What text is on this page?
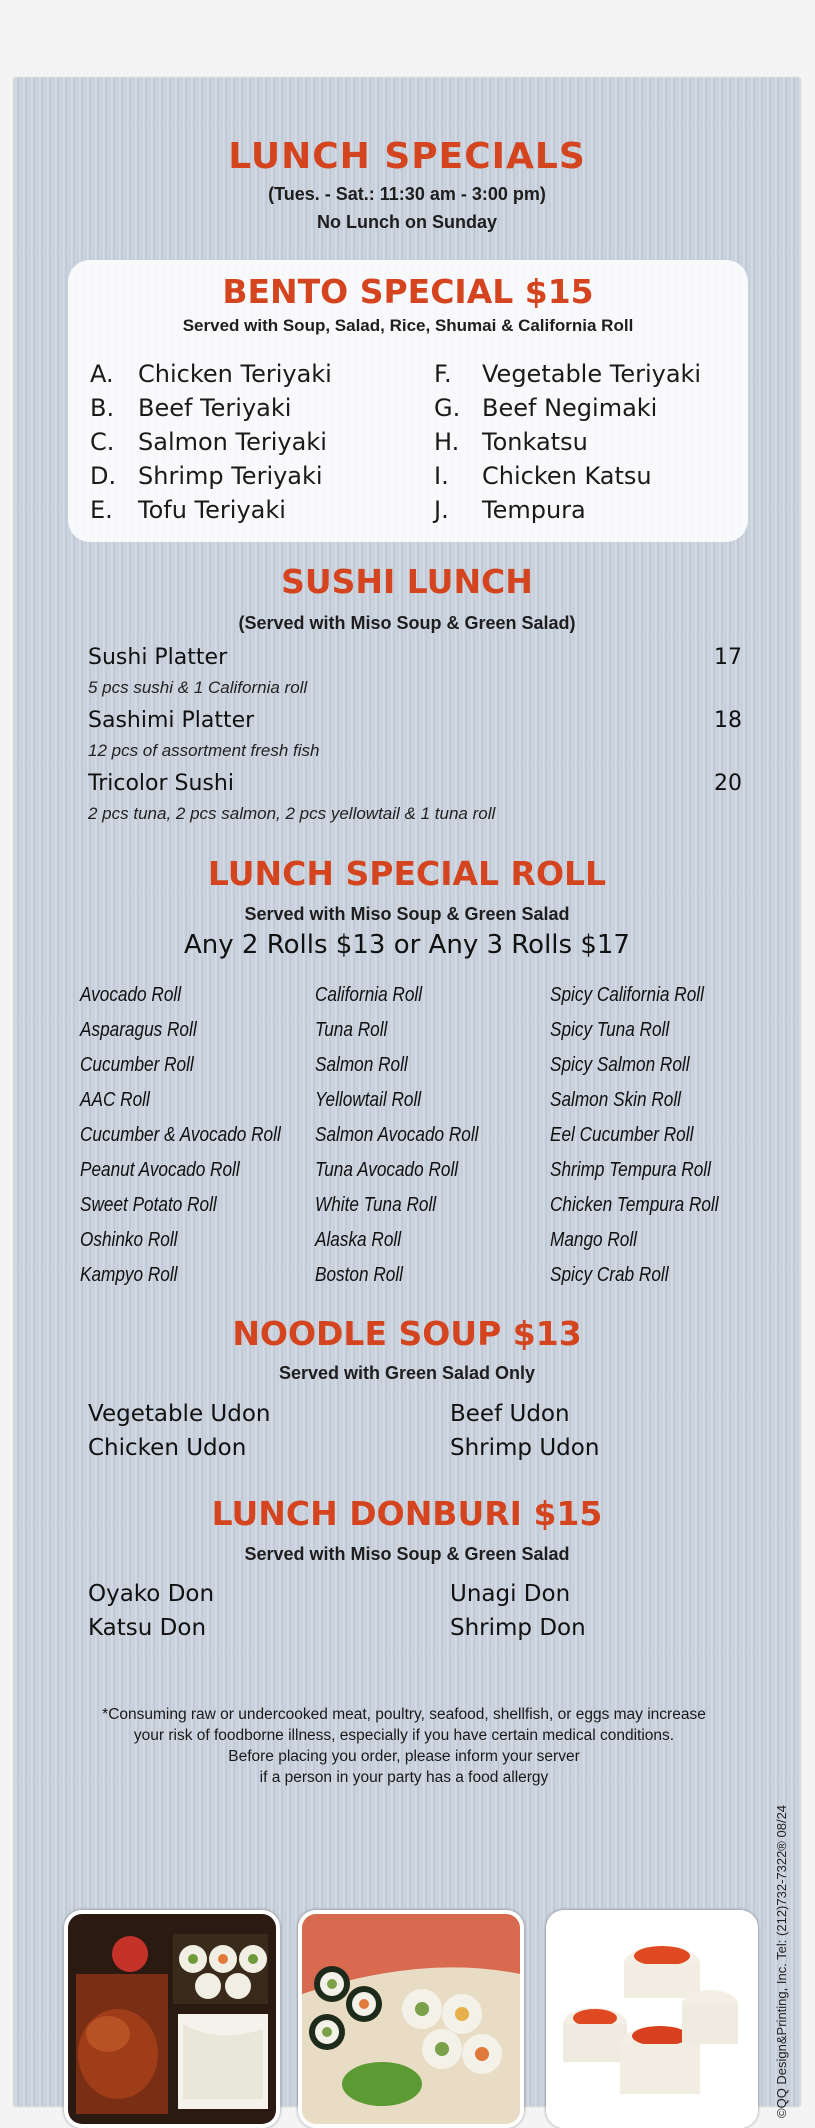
LUNCH SPECIALS
(Tues. - Sat.: 11:30 am - 3:00 pm)
No Lunch on Sunday
BENTO SPECIAL $15
Served with Soup, Salad, Rice, Shumai & California Roll
A. Chicken Teriyaki
B. Beef Teriyaki
C. Salmon Teriyaki
D. Shrimp Teriyaki
E. Tofu Teriyaki
F. Vegetable Teriyaki
G. Beef Negimaki
H. Tonkatsu
I. Chicken Katsu
J. Tempura
SUSHI LUNCH
(Served with Miso Soup & Green Salad)
Sushi Platter	17
5 pcs sushi & 1 California roll
Sashimi Platter	18
12 pcs of assortment fresh fish
Tricolor Sushi	20
2 pcs tuna, 2 pcs salmon, 2 pcs yellowtail & 1 tuna roll
LUNCH SPECIAL ROLL
Served with Miso Soup & Green Salad
Any 2 Rolls $13 or Any 3 Rolls $17
Avocado Roll
Asparagus Roll
Cucumber Roll
AAC Roll
Cucumber & Avocado Roll
Peanut Avocado Roll
Sweet Potato Roll
Oshinko Roll
Kampyo Roll
California Roll
Tuna Roll
Salmon Roll
Yellowtail Roll
Salmon Avocado Roll
Tuna Avocado Roll
White Tuna Roll
Alaska Roll
Boston Roll
Spicy California Roll
Spicy Tuna Roll
Spicy Salmon Roll
Salmon Skin Roll
Eel Cucumber Roll
Shrimp Tempura Roll
Chicken Tempura Roll
Mango Roll
Spicy Crab Roll
NOODLE SOUP $13
Served with Green Salad Only
Vegetable Udon
Chicken Udon
Beef Udon
Shrimp Udon
LUNCH DONBURI $15
Served with Miso Soup & Green Salad
Oyako Don
Katsu Don
Unagi Don
Shrimp Don
*Consuming raw or undercooked meat, poultry, seafood, shellfish, or eggs may increase
your risk of foodborne illness, especially if you have certain medical conditions.
Before placing you order, please inform your server
if a person in your party has a food allergy
©QQ Design&Printing, Inc. Tel: (212)732-7322® 08/24
